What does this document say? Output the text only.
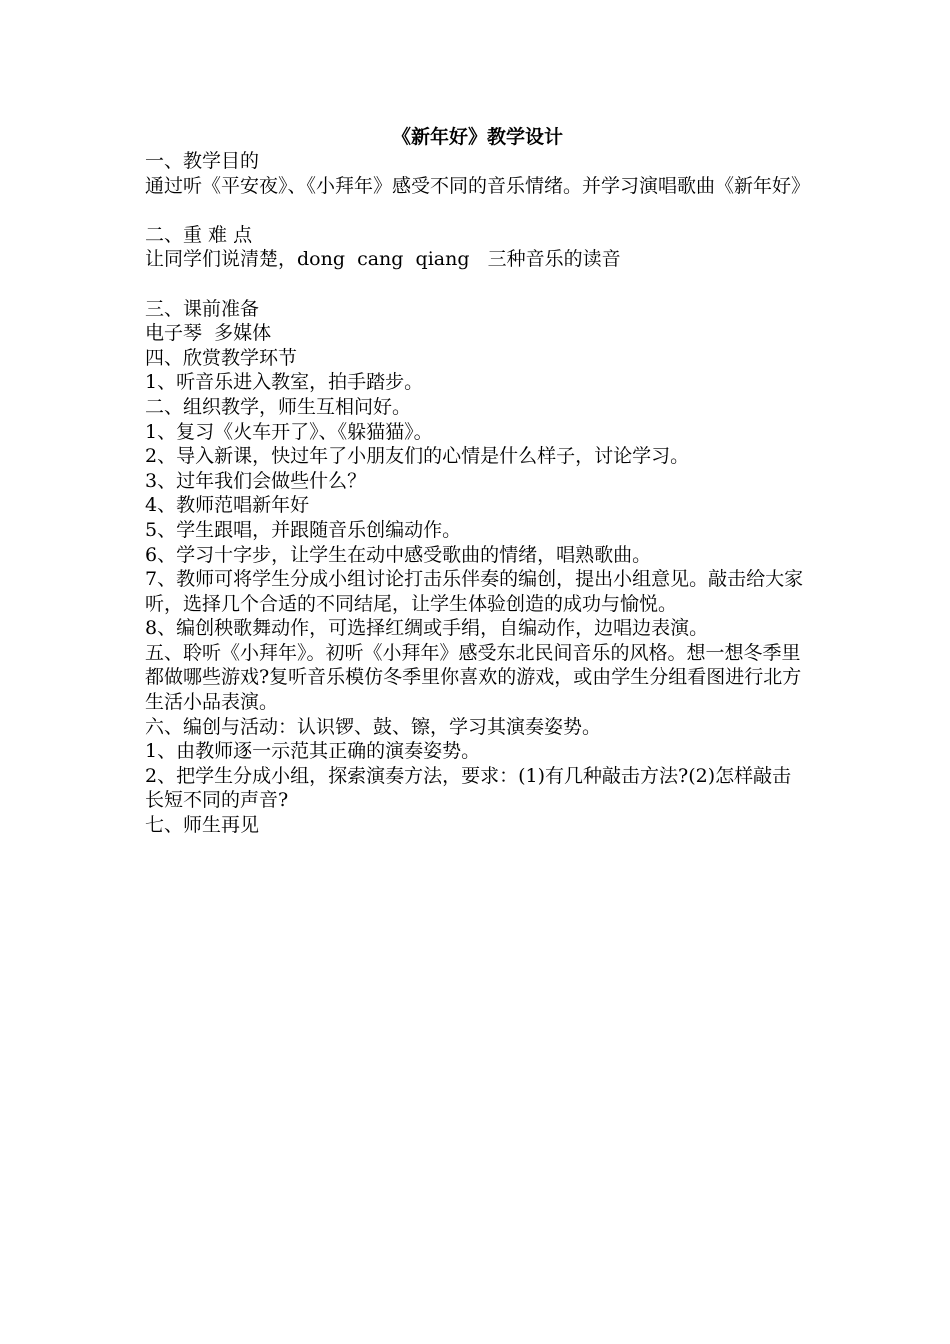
《新年好》教学设计

一、教学目的

通过听《平安夜》、《小拜年》感受不同的音乐情绪。并学习演唱歌曲《新年好》

二、重 难 点

让同学们说清楚，dong  cang  qiang   三种音乐的读音

三、课前准备

电子琴  多媒体

四、欣赏教学环节

1、听音乐进入教室，拍手踏步。

二、组织教学，师生互相问好。

1、复习《火车开了》、《躲猫猫》。

2、导入新课，快过年了小朋友们的心情是什么样子，讨论学习。

3、过年我们会做些什么？

4、教师范唱新年好

5、学生跟唱，并跟随音乐创编动作。

6、学习十字步，让学生在动中感受歌曲的情绪，唱熟歌曲。

7、教师可将学生分成小组讨论打击乐伴奏的编创，提出小组意见。敲击给大家听，选择几个合适的不同结尾，让学生体验创造的成功与愉悦。

8、编创秧歌舞动作，可选择红绸或手绢，自编动作，边唱边表演。

五、聆听《小拜年》。初听《小拜年》感受东北民间音乐的风格。想一想冬季里都做哪些游戏?复听音乐模仿冬季里你喜欢的游戏，或由学生分组看图进行北方生活小品表演。

六、编创与活动：认识锣、鼓、镲，学习其演奏姿势。

1、由教师逐一示范其正确的演奏姿势。

2、把学生分成小组，探索演奏方法，要求：(1)有几种敲击方法?(2)怎样敲击长短不同的声音?

七、师生再见
